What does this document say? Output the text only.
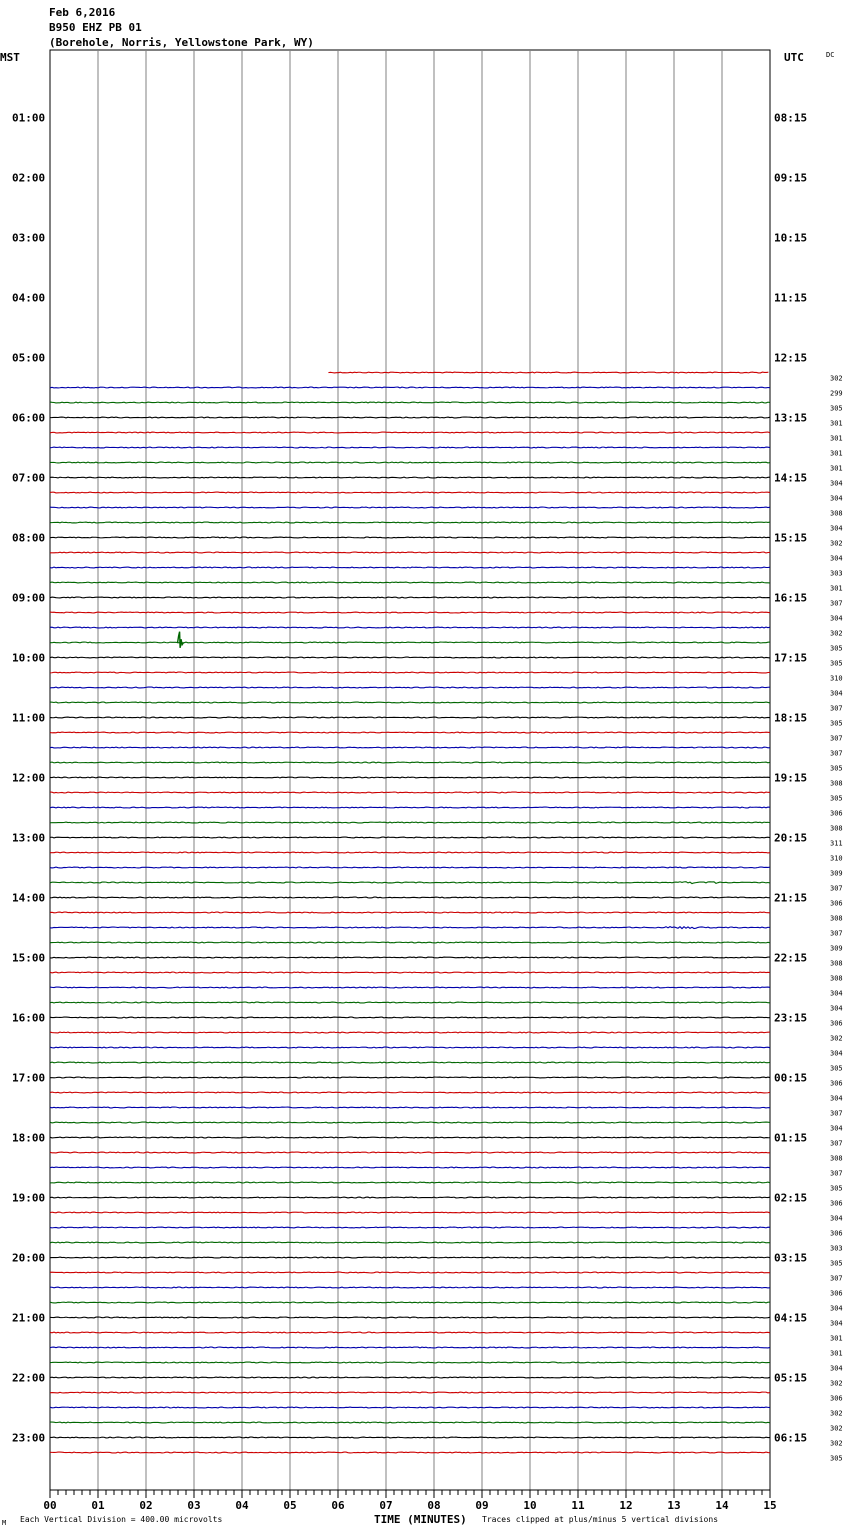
Feb 6,2016
B950 EHZ PB 01
(Borehole, Norris, Yellowstone Park, WY)
MST	UTC	DC
01:00
02:00
03:00
04:00
05:00
06:00
07:00
08:00
09:00
10:00
11:00
12:00
13:00
14:00
15:00
16:00
17:00
18:00
19:00
20:00
21:00
22:00
23:00
08:15
09:15
10:15
11:15
12:15
13:15
14:15
15:15
16:15
17:15
18:15
19:15
20:15
21:15
22:15
23:15
00:15
01:15
02:15
03:15
04:15
05:15
06:15
302
299
305
301
301
301
301
304
304
308
304
302
304
303
301
307
304
302
305
305
310
304
307
305
307
307
305
308
305
306
308
311
310
309
307
306
308
307
309
308
308
304
304
306
302
304
305
306
304
307
304
307
308
307
305
306
304
306
303
305
307
306
304
304
301
301
304
302
306
302
302
302
305
00	01	02	03	04	05	06	07	08	09	10	11	12	13	14	15
M Each Vertical Division = 400.00 microvolts	TIME (MINUTES) Traces clipped at plus/minus 5 vertical divisions
